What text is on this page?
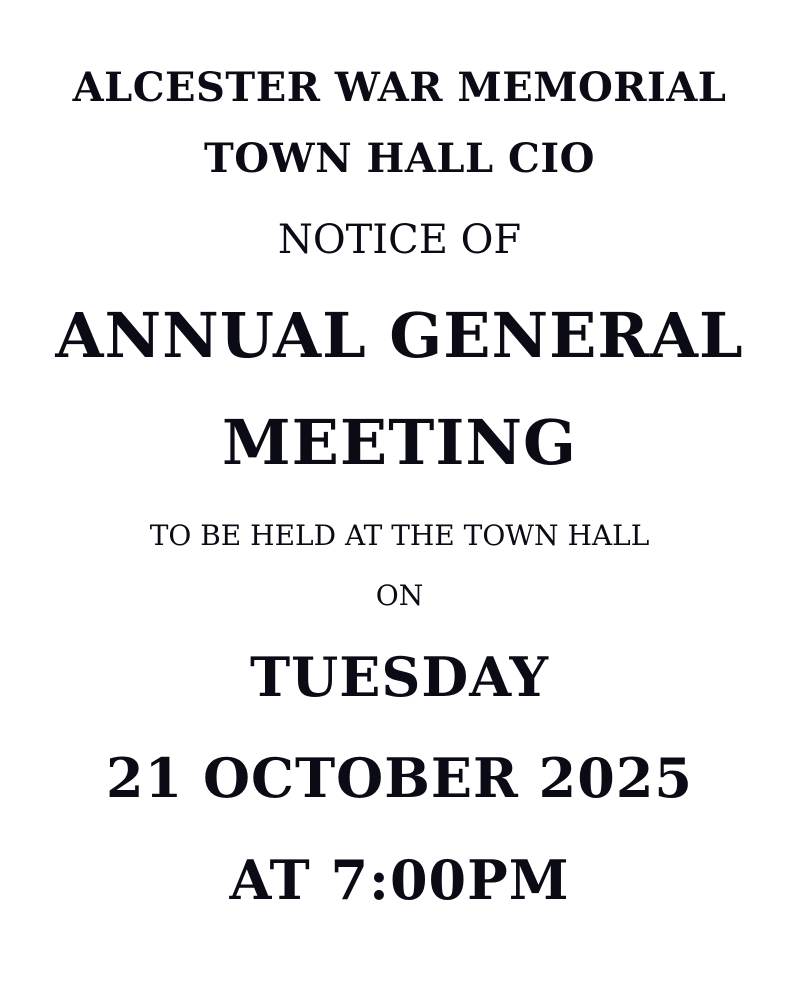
ALCESTER WAR MEMORIAL
TOWN HALL CIO
NOTICE OF
ANNUAL GENERAL
MEETING
TO BE HELD AT THE TOWN HALL
ON
TUESDAY
21 OCTOBER 2025
AT 7:00PM
